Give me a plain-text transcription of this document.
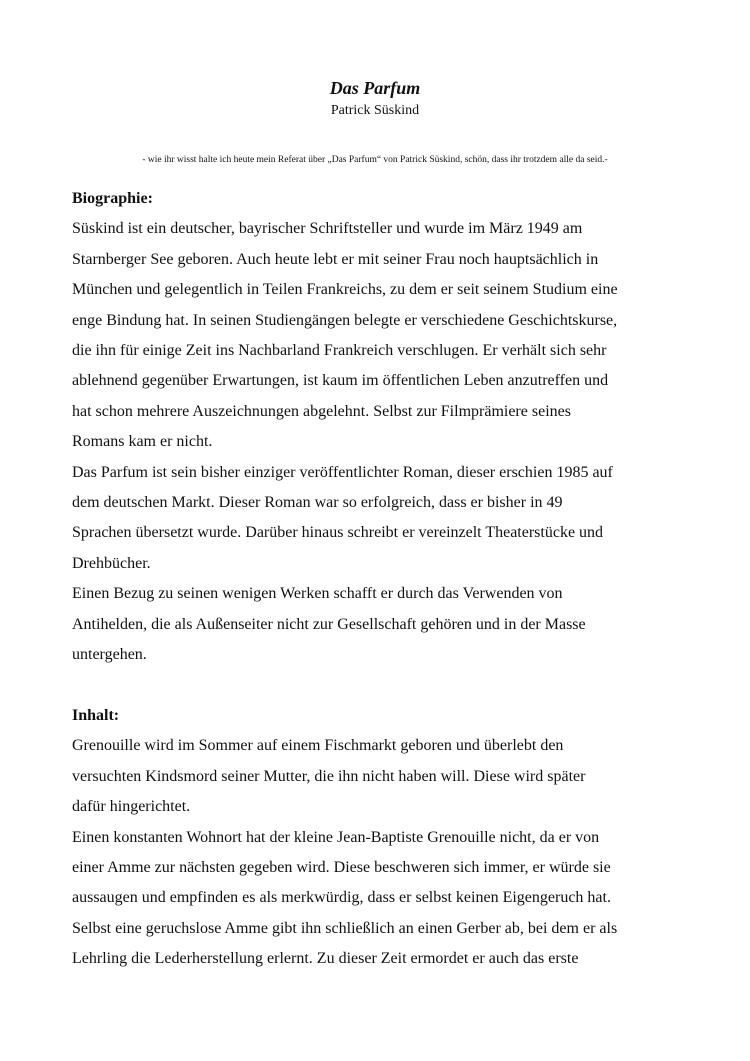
Das Parfum
Patrick Süskind
- wie ihr wisst halte ich heute mein Referat über „Das Parfum“ von Patrick Süskind, schön, dass ihr trotzdem alle da seid.-

Biographie:

Süskind ist ein deutscher, bayrischer Schriftsteller und wurde im März 1949 am

Starnberger See geboren. Auch heute lebt er mit seiner Frau noch hauptsächlich in

München und gelegentlich in Teilen Frankreichs, zu dem er seit seinem Studium eine

enge Bindung hat. In seinen Studiengängen belegte er verschiedene Geschichtskurse,

die ihn für einige Zeit ins Nachbarland Frankreich verschlugen. Er verhält sich sehr

ablehnend gegenüber Erwartungen, ist kaum im öffentlichen Leben anzutreffen und

hat schon mehrere Auszeichnungen abgelehnt. Selbst zur Filmprämiere seines

Romans kam er nicht.

Das Parfum ist sein bisher einziger veröffentlichter Roman, dieser erschien 1985 auf

dem deutschen Markt. Dieser Roman war so erfolgreich, dass er bisher in 49

Sprachen übersetzt wurde. Darüber hinaus schreibt er vereinzelt Theaterstücke und

Drehbücher.

Einen Bezug zu seinen wenigen Werken schafft er durch das Verwenden von

Antihelden, die als Außenseiter nicht zur Gesellschaft gehören und in der Masse

untergehen.

Inhalt:

Grenouille wird im Sommer auf einem Fischmarkt geboren und überlebt den

versuchten Kindsmord seiner Mutter, die ihn nicht haben will. Diese wird später

dafür hingerichtet.

Einen konstanten Wohnort hat der kleine Jean-Baptiste Grenouille nicht, da er von

einer Amme zur nächsten gegeben wird. Diese beschweren sich immer, er würde sie

aussaugen und empfinden es als merkwürdig, dass er selbst keinen Eigengeruch hat.

Selbst eine geruchslose Amme gibt ihn schließlich an einen Gerber ab, bei dem er als

Lehrling die Lederherstellung erlernt. Zu dieser Zeit ermordet er auch das erste
